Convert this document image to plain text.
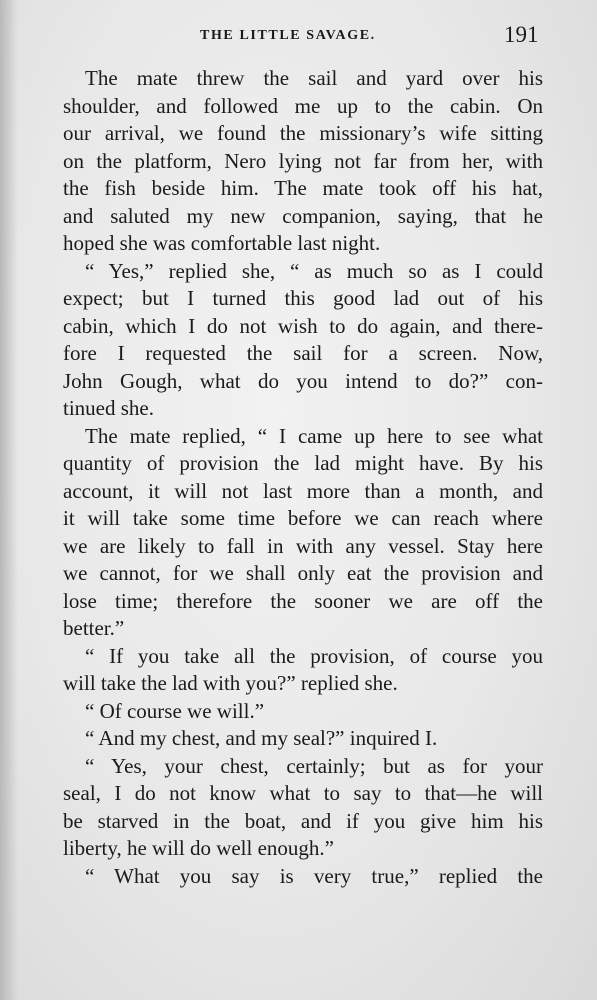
THE LITTLE SAVAGE.	191
The mate threw the sail and yard over his
shoulder, and followed me up to the cabin. On
our arrival, we found the missionary’s wife sitting
on the platform, Nero lying not far from her, with
the fish beside him. The mate took off his hat,
and saluted my new companion, saying, that he
hoped she was comfortable last night.
“ Yes,” replied she, “ as much so as I could
expect; but I turned this good lad out of his
cabin, which I do not wish to do again, and there-
fore I requested the sail for a screen. Now,
John Gough, what do you intend to do?” con-
tinued she.
The mate replied, “ I came up here to see what
quantity of provision the lad might have. By his
account, it will not last more than a month, and
it will take some time before we can reach where
we are likely to fall in with any vessel. Stay here
we cannot, for we shall only eat the provision and
lose time; therefore the sooner we are off the
better.”
“ If you take all the provision, of course you
will take the lad with you?” replied she.
“ Of course we will.”
“ And my chest, and my seal?” inquired I.
“ Yes, your chest, certainly; but as for your
seal, I do not know what to say to that—he will
be starved in the boat, and if you give him his
liberty, he will do well enough.”
“ What you say is very true,” replied the
